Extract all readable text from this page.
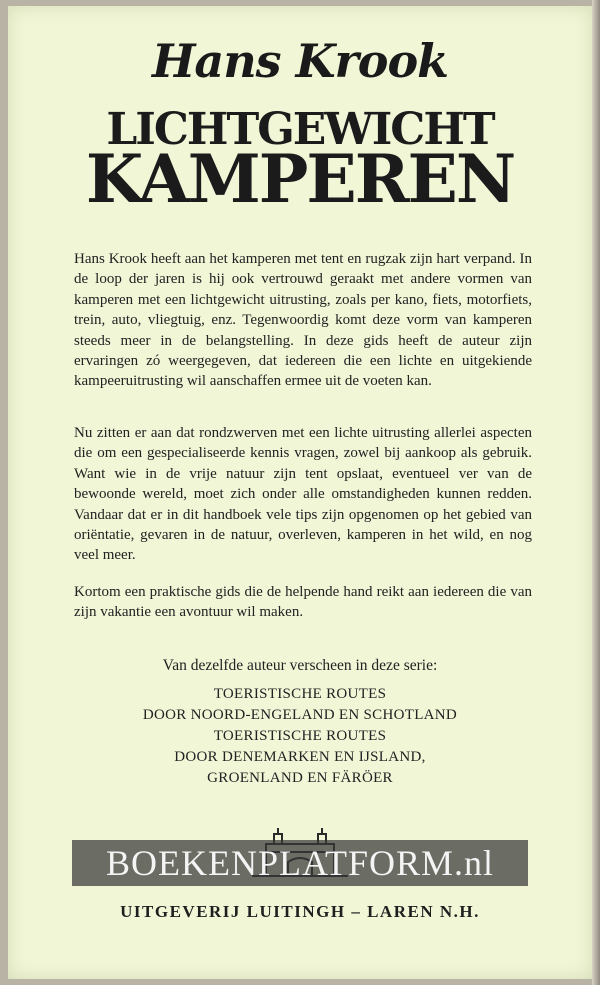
Hans Krook
LICHTGEWICHT
KAMPEREN
Hans Krook heeft aan het kamperen met tent en rugzak zijn hart verpand. In de loop der jaren is hij ook vertrouwd geraakt met andere vormen van kamperen met een lichtgewicht uitrusting, zoals per kano, fiets, motorfiets, trein, auto, vliegtuig, enz. Tegenwoordig komt deze vorm van kamperen steeds meer in de belangstelling. In deze gids heeft de auteur zijn ervaringen zó weergegeven, dat iedereen die een lichte en uitgekiende kampeeruitrusting wil aanschaffen ermee uit de voeten kan.
Nu zitten er aan dat rondzwerven met een lichte uitrusting allerlei aspecten die om een gespecialiseerde kennis vragen, zowel bij aankoop als gebruik. Want wie in de vrije natuur zijn tent opslaat, eventueel ver van de bewoonde wereld, moet zich onder alle omstandigheden kunnen redden. Vandaar dat er in dit handboek vele tips zijn opgenomen op het gebied van oriëntatie, gevaren in de natuur, overleven, kamperen in het wild, en nog veel meer.
Kortom een praktische gids die de helpende hand reikt aan iedereen die van zijn vakantie een avontuur wil maken.
Van dezelfde auteur verscheen in deze serie:
TOERISTISCHE ROUTES
DOOR NOORD-ENGELAND EN SCHOTLAND
TOERISTISCHE ROUTES
DOOR DENEMARKEN EN IJSLAND,
GROENLAND EN FÄRÖER
BOEKENPLATFORM.nl
UITGEVERIJ LUITINGH – LAREN N.H.
